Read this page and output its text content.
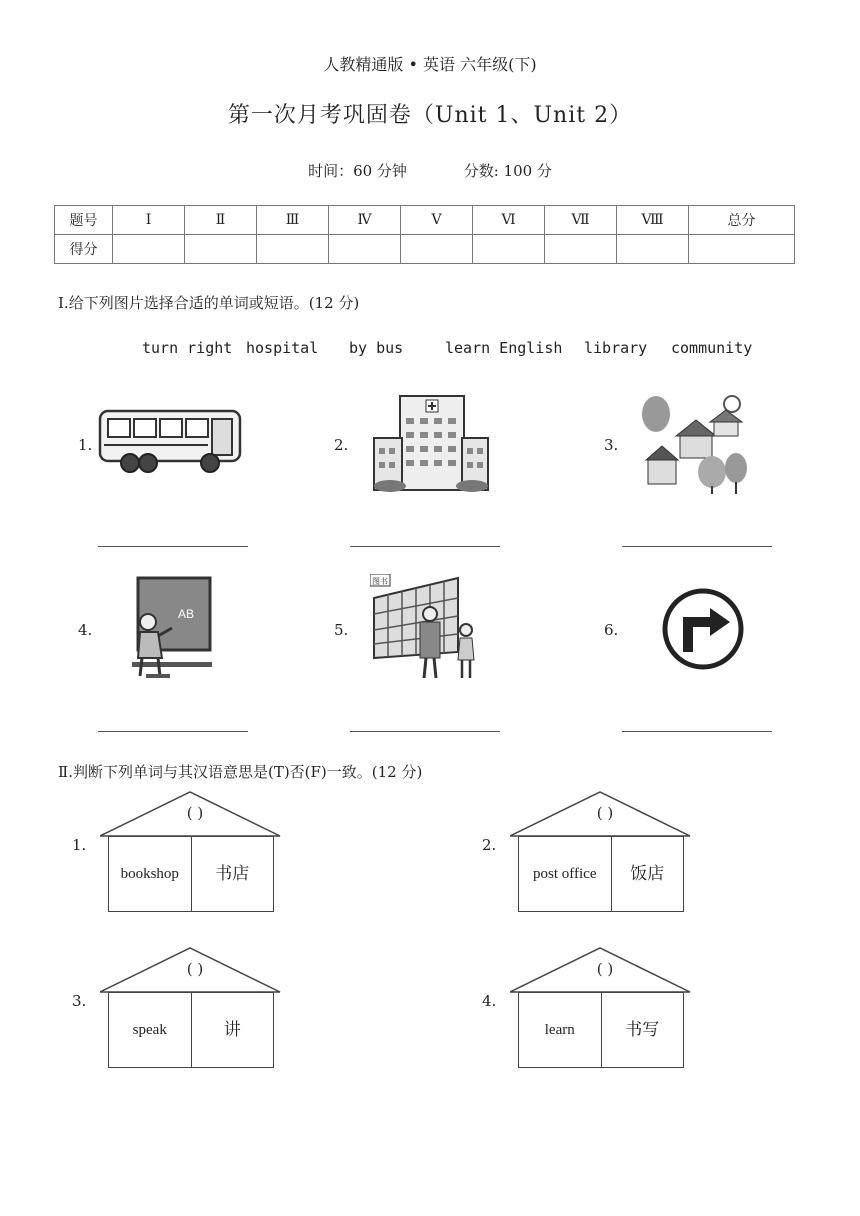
人教精通版 • 英语 六年级(下)
第一次月考巩固卷（Unit 1、Unit 2）
时间：60 分钟	分数: 100 分
题号	Ⅰ	Ⅱ	Ⅲ	Ⅳ	Ⅴ	Ⅵ	Ⅶ	Ⅷ	总分
得分									
Ⅰ.给下列图片选择合适的单词或短语。(12 分)
turn right hospital by bus	learn English library community
1.	2.	3.
4.
AB
5.
图书
6.
Ⅱ.判断下列单词与其汉语意思是(T)否(F)一致。(12 分)
( )
1.
bookshop	书店
( )
2.
post office	饭店
( )
3.
speak	讲
( )
4.
learn	书写
